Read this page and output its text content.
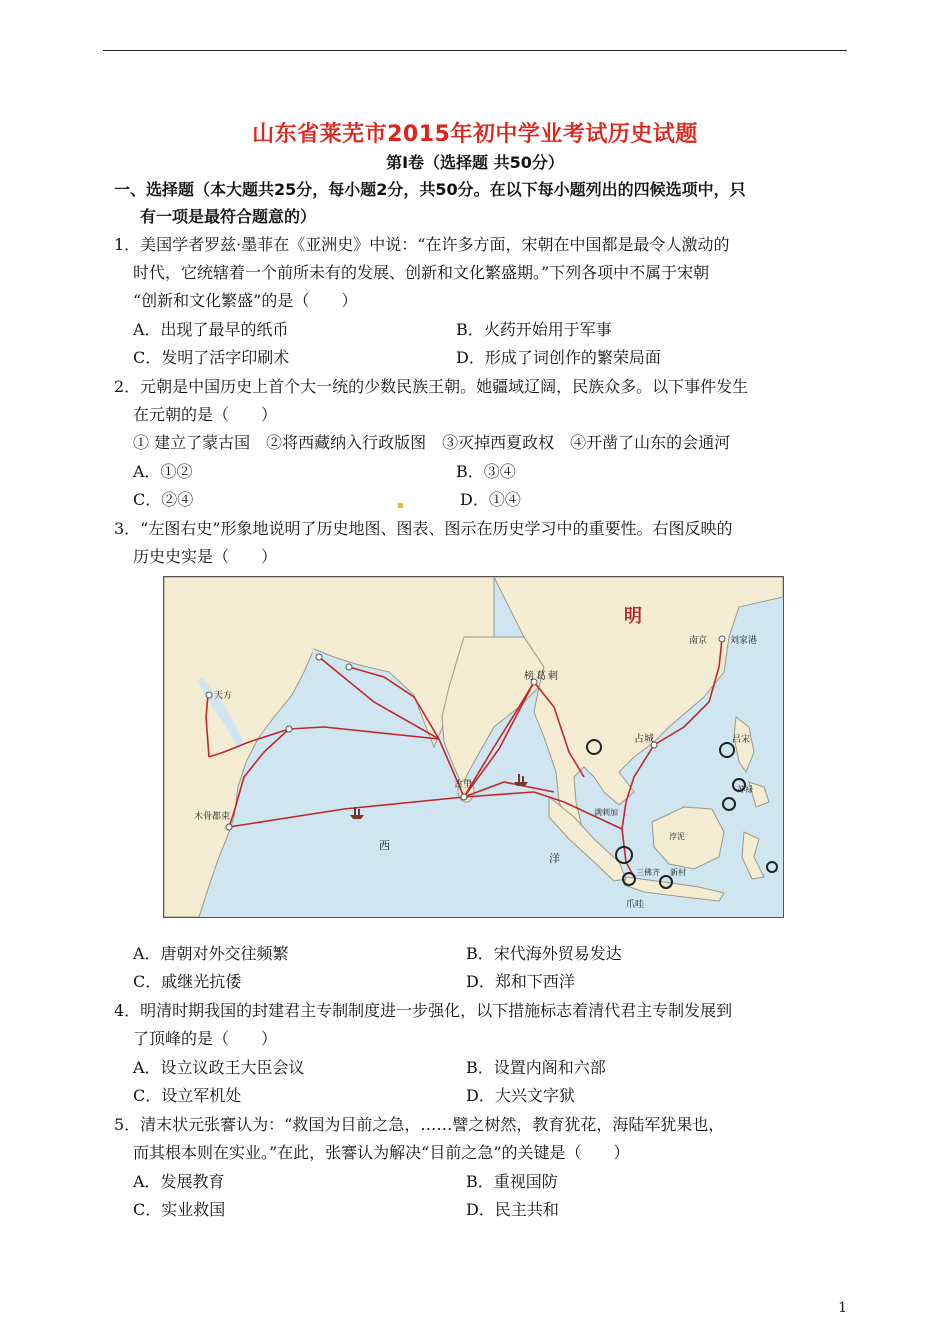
山东省莱芜市2015年初中学业考试历史试题
第Ⅰ卷（选择题 共50分）
一、选择题（本大题共25分，每小题2分，共50分。在以下每小题列出的四候选项中，只
有一项是最符合题意的）
1．美国学者罗兹·墨菲在《亚洲史》中说：“在许多方面，宋朝在中国都是最令人激动的
时代，它统辖着一个前所未有的发展、创新和文化繁盛期。”下列各项中不属于宋朝
“创新和文化繁盛”的是（　　）
A．出现了最早的纸币	B．火药开始用于军事
C．发明了活字印刷术	D．形成了词创作的繁荣局面
2．元朝是中国历史上首个大一统的少数民族王朝。她疆域辽阔，民族众多。以下事件发生
在元朝的是（　　）
① 建立了蒙古国　②将西藏纳入行政版图　③灭掉西夏政权　④开凿了山东的会通河
A．①②	B．③④
C．②④	D．①④
3．“左图右史”形象地说明了历史地图、图表、图示在历史学习中的重要性。右图反映的
历史史实是（　　）
明
南京	刘家港
榜葛剌
天方
古里
占城	吕宋
苏禄
浡泥
满剌加
木骨都束
西
洋
三佛齐 新村
爪哇
A．唐朝对外交往频繁	B．宋代海外贸易发达
C．戚继光抗倭	D．郑和下西洋
4．明清时期我国的封建君主专制制度进一步强化，以下措施标志着清代君主专制发展到
了顶峰的是（　　）
A．设立议政王大臣会议	B．设置内阁和六部
C．设立军机处	D．大兴文字狱
5．清末状元张謇认为：“救国为目前之急，……譬之树然，教育犹花，海陆军犹果也，
而其根本则在实业。”在此，张謇认为解决“目前之急”的关键是（　　）
A．发展教育	B．重视国防
C．实业救国	D．民主共和
1
